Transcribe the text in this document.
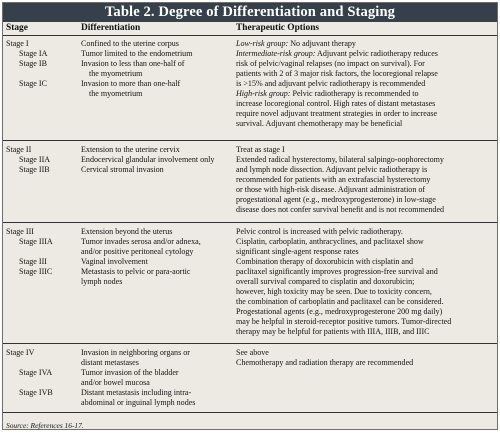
Table 2. Degree of Differentiation and Staging
Stage	Differentiation	Therapeutic Options
Stage I
Stage IA
Stage IB
Stage IC
Confined to the uterine corpus
Tumor limited to the endometrium
Invasion to less than one-half of
the myometrium
Invasion to more than one-half
the myometrium
Low-risk group: No adjuvant therapy
Intermediate-risk group: Adjuvant pelvic radiotherapy reduces
risk of pelvic/vaginal relapses (no impact on survival). For
patients with 2 of 3 major risk factors, the locoregional relapse
is >15% and adjuvant pelvic radiotherapy is recommended
High-risk group: Pelvic radiotherapy is recommended to
increase locoregional control. High rates of distant metastases
require novel adjuvant treatment strategies in order to increase
survival. Adjuvant chemotherapy may be beneficial
Stage II
Stage IIA
Stage IIB
Extension to the uterine cervix
Endocervical glandular involvement only
Cervical stromal invasion
Treat as stage I
Extended radical hysterectomy, bilateral salpingo-oophorectomy
and lymph node dissection. Adjuvant pelvic radiotherapy is
recommended for patients with an extrafascial hysterectomy
or those with high-risk disease. Adjuvant administration of
progestational agent (e.g., medroxyprogesterone) in low-stage
disease does not confer survival benefit and is not recommended
Stage III
Stage IIIA
Stage III
Stage IIIC
Extension beyond the uterus
Tumor invades serosa and/or adnexa,
and/or positive peritoneal cytology
Vaginal involvement
Metastasis to pelvic or para-aortic
lymph nodes
Pelvic control is increased with pelvic radiotherapy.
Cisplatin, carboplatin, anthracyclines, and paclitaxel show
significant single-agent response rates
Combination therapy of doxorubicin with cisplatin and
paclitaxel significantly improves progression-free survival and
overall survival compared to cisplatin and doxorubicin;
however, high toxicity may be seen. Due to toxicity concern,
the combination of carboplatin and paclitaxel can be considered.
Progestational agents (e.g., medroxyprogesterone 200 mg daily)
may be helpful in steroid-receptor positive tumors. Tumor-directed
therapy may be helpful for patients with IIIA, IIIB, and IIIC
Stage IV
Stage IVA
Stage IVB
Invasion in neighboring organs or
distant metastases
Tumor invasion of the bladder
and/or bowel mucosa
Distant metastasis including intra-
abdominal or inguinal lymph nodes
See above
Chemotherapy and radiation therapy are recommended
Source: References 16-17.
